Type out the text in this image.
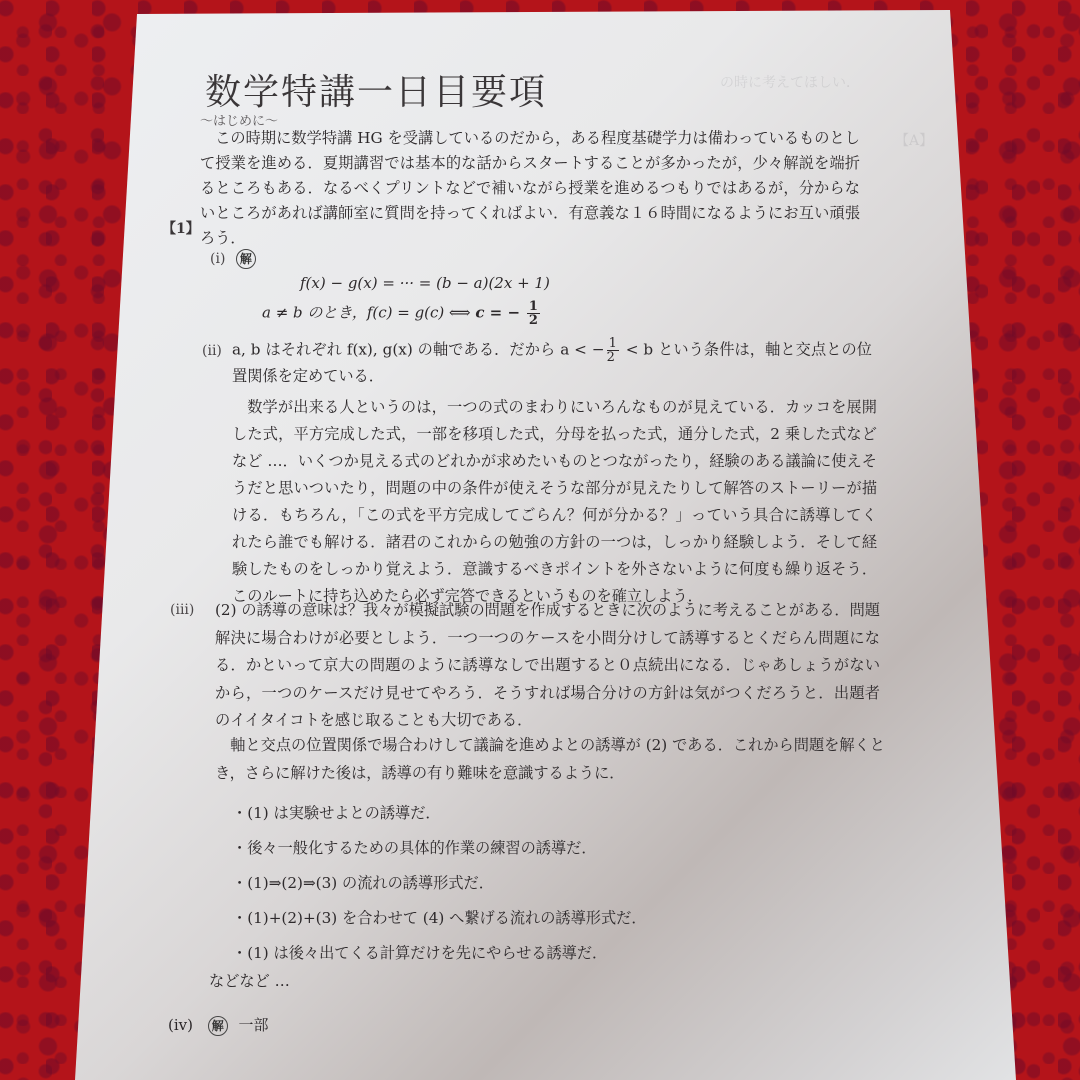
の時に考えてほしい．
【A】
数学特講一日目要項
〜はじめに〜
この時期に数学特講 HG を受講しているのだから，ある程度基礎学力は備わっているものとして授業を進める．夏期講習では基本的な話からスタートすることが多かったが，少々解説を端折るところもある．なるべくプリントなどで補いながら授業を進めるつもりではあるが，分からないところがあれば講師室に質問を持ってくればよい．有意義な１６時間になるようにお互い頑張ろう．
【1】
(i) 解
f(x) − g(x) = ··· = (b − a)(2x + 1)
a ≠ b のとき，f(c) = g(c) ⟺ c = − $\frac{1}{2}$
(ii) a, b はそれぞれ f(x), g(x) の軸である．だから a < − $\frac{1}{2} < b$ という条件は，軸と交点との位置関係を定めている．
数学が出来る人というのは，一つの式のまわりにいろんなものが見えている．カッコを展開した式，平方完成した式，一部を移項した式，分母を払った式，通分した式，2 乗した式などなど …．いくつか見える式のどれかが求めたいものとつながったり，経験のある議論に使えそうだと思いついたり，問題の中の条件が使えそうな部分が見えたりして解答のストーリーが描ける．もちろん，「この式を平方完成してごらん？何が分かる？」っていう具合に誘導してくれたら誰でも解ける．諸君のこれからの勉強の方針の一つは，しっかり経験しよう．そして経験したものをしっかり覚えよう．意識するべきポイントを外さないように何度も繰り返そう．このルートに持ち込めたら必ず完答できるというものを確立しよう．
(iii) (2) の誘導の意味は？我々が模擬試験の問題を作成するときに次のように考えることがある．問題解決に場合わけが必要としよう．一つ一つのケースを小問分けして誘導するとくだらん問題になる．かといって京大の問題のように誘導なしで出題すると０点続出になる．じゃあしょうがないから，一つのケースだけ見せてやろう．そうすれば場合分けの方針は気がつくだろうと．出題者のイイタイコトを感じ取ることも大切である．
軸と交点の位置関係で場合わけして議論を進めよとの誘導が (2) である．これから問題を解くとき，さらに解けた後は，誘導の有り難味を意識するように．
・(1) は実験せよとの誘導だ．
・後々一般化するための具体的作業の練習の誘導だ．
・(1)⇒(2)⇒(3) の流れの誘導形式だ．
・(1)+(2)+(3) を合わせて (4) へ繋げる流れの誘導形式だ．
・(1) は後々出てくる計算だけを先にやらせる誘導だ．
などなど …
(iv) 解 一部
